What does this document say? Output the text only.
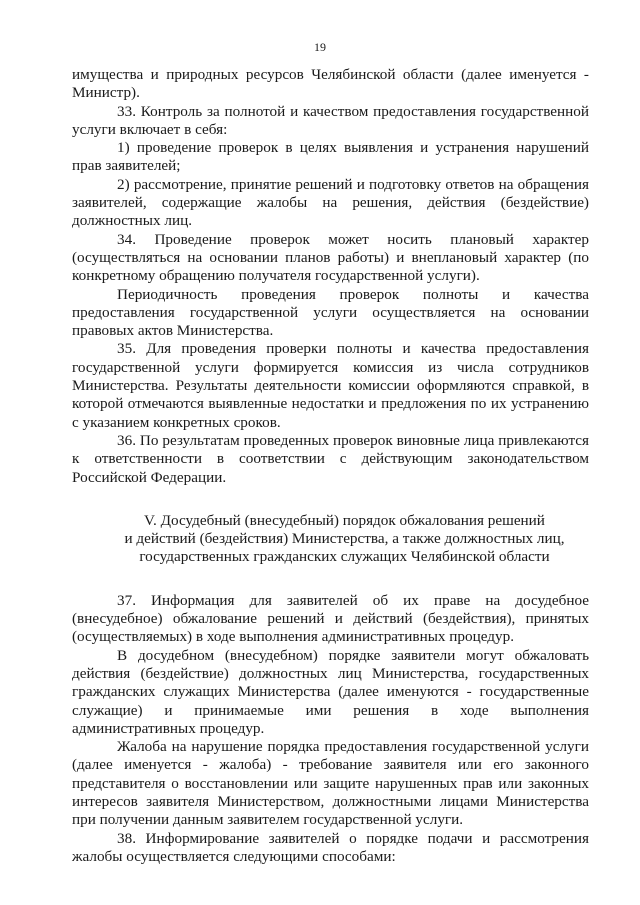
19

имущества и природных ресурсов Челябинской области (далее именуется - Министр).

33. Контроль за полнотой и качеством предоставления государственной услуги включает в себя:

1) проведение проверок в целях выявления и устранения нарушений прав заявителей;

2) рассмотрение, принятие решений и подготовку ответов на обращения заявителей, содержащие жалобы на решения, действия (бездействие) должностных лиц.

34. Проведение проверок может носить плановый характер (осуществляться на основании планов работы) и внеплановый характер (по конкретному обращению получателя государственной услуги).

Периодичность проведения проверок полноты и качества предоставления государственной услуги осуществляется на основании правовых актов Министерства.

35. Для проведения проверки полноты и качества предоставления государственной услуги формируется комиссия из числа сотрудников Министерства. Результаты деятельности комиссии оформляются справкой, в которой отмечаются выявленные недостатки и предложения по их устранению с указанием конкретных сроков.

36. По результатам проведенных проверок виновные лица привлекаются к ответственности в соответствии с действующим законодательством Российской Федерации.

V. Досудебный (внесудебный) порядок обжалования решений
и действий (бездействия) Министерства, а также должностных лиц,
государственных гражданских служащих Челябинской области

37. Информация для заявителей об их праве на досудебное (внесудебное) обжалование решений и действий (бездействия), принятых (осуществляемых) в ходе выполнения административных процедур.

В досудебном (внесудебном) порядке заявители могут обжаловать действия (бездействие) должностных лиц Министерства, государственных гражданских служащих Министерства (далее именуются - государственные служащие) и принимаемые ими решения в ходе выполнения административных процедур.

Жалоба на нарушение порядка предоставления государственной услуги (далее именуется - жалоба) - требование заявителя или его законного представителя о восстановлении или защите нарушенных прав или законных интересов заявителя Министерством, должностными лицами Министерства при получении данным заявителем государственной услуги.

38. Информирование заявителей о порядке подачи и рассмотрения жалобы осуществляется следующими способами:
